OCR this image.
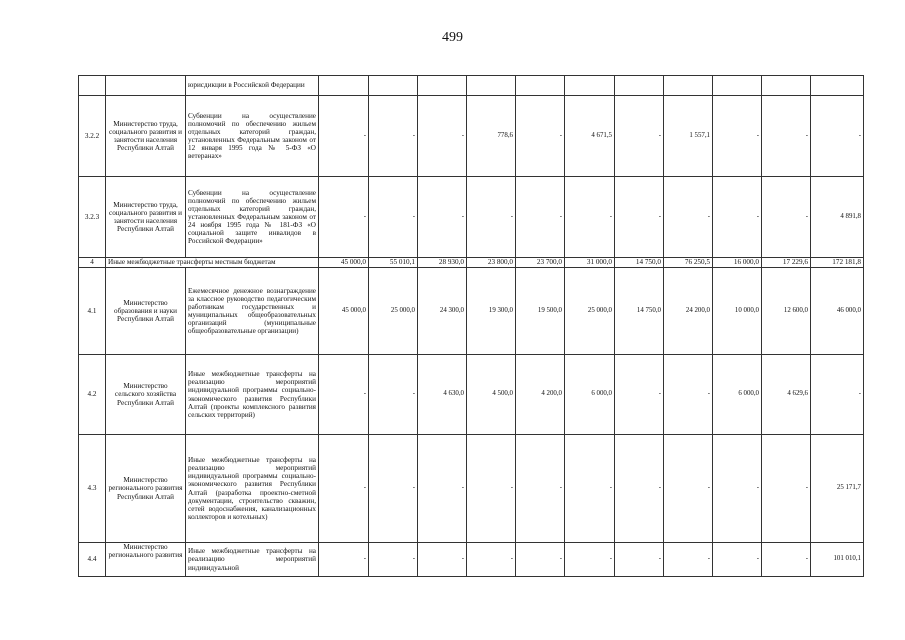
499
		юрисдикции в Российской Федерации											
3.2.2	Министерство труда, социального развития и занятости населения Республики Алтай	Субвенции на осуществление полномочий по обеспечению жильем отдельных категорий граждан, установленных Федеральным законом от 12 января 1995 года № 5-ФЗ «О ветеранах»	-	-	-	778,6	-	4 671,5	-	1 557,1	-	-	-
3.2.3	Министерство труда, социального развития и занятости населения Республики Алтай	Субвенции на осуществление полномочий по обеспечению жильем отдельных категорий граждан, установленных Федеральным законом от 24 ноября 1995 года № 181-ФЗ «О социальной защите инвалидов в Российской Федерации»	-	-	-	-	-	-	-	-	-	-	4 891,8
4	Иные межбюджетные трансферты местным бюджетам		45 000,0	55 010,1	28 930,0	23 800,0	23 700,0	31 000,0	14 750,0	76 250,5	16 000,0	17 229,6	172 181,8
4.1	Министерство образования и науки Республики Алтай	Ежемесячное денежное вознаграждение за классное руководство педагогическим работникам государственных и муниципальных общеобразовательных организаций (муниципальные общеобразовательные организации)	45 000,0	25 000,0	24 300,0	19 300,0	19 500,0	25 000,0	14 750,0	24 200,0	10 000,0	12 600,0	46 000,0
4.2	Министерство сельского хозяйства Республики Алтай	Иные межбюджетные трансферты на реализацию мероприятий индивидуальной программы социально-экономического развития Республики Алтай (проекты комплексного развития сельских территорий)	-	-	4 630,0	4 500,0	4 200,0	6 000,0	-	-	6 000,0	4 629,6	-
4.3	Министерство регионального развития Республики Алтай	Иные межбюджетные трансферты на реализацию мероприятий индивидуальной программы социально-экономического развития Республики Алтай (разработка проектно-сметной документации, строительство скважин, сетей водоснабжения, канализационных коллекторов и котельных)	-	-	-	-	-	-	-	-	-	-	25 171,7
4.4	Министерство регионального развития	Иные межбюджетные трансферты на реализацию мероприятий индивидуальной	-	-	-	-	-	-	-	-	-	-	101 010,1
